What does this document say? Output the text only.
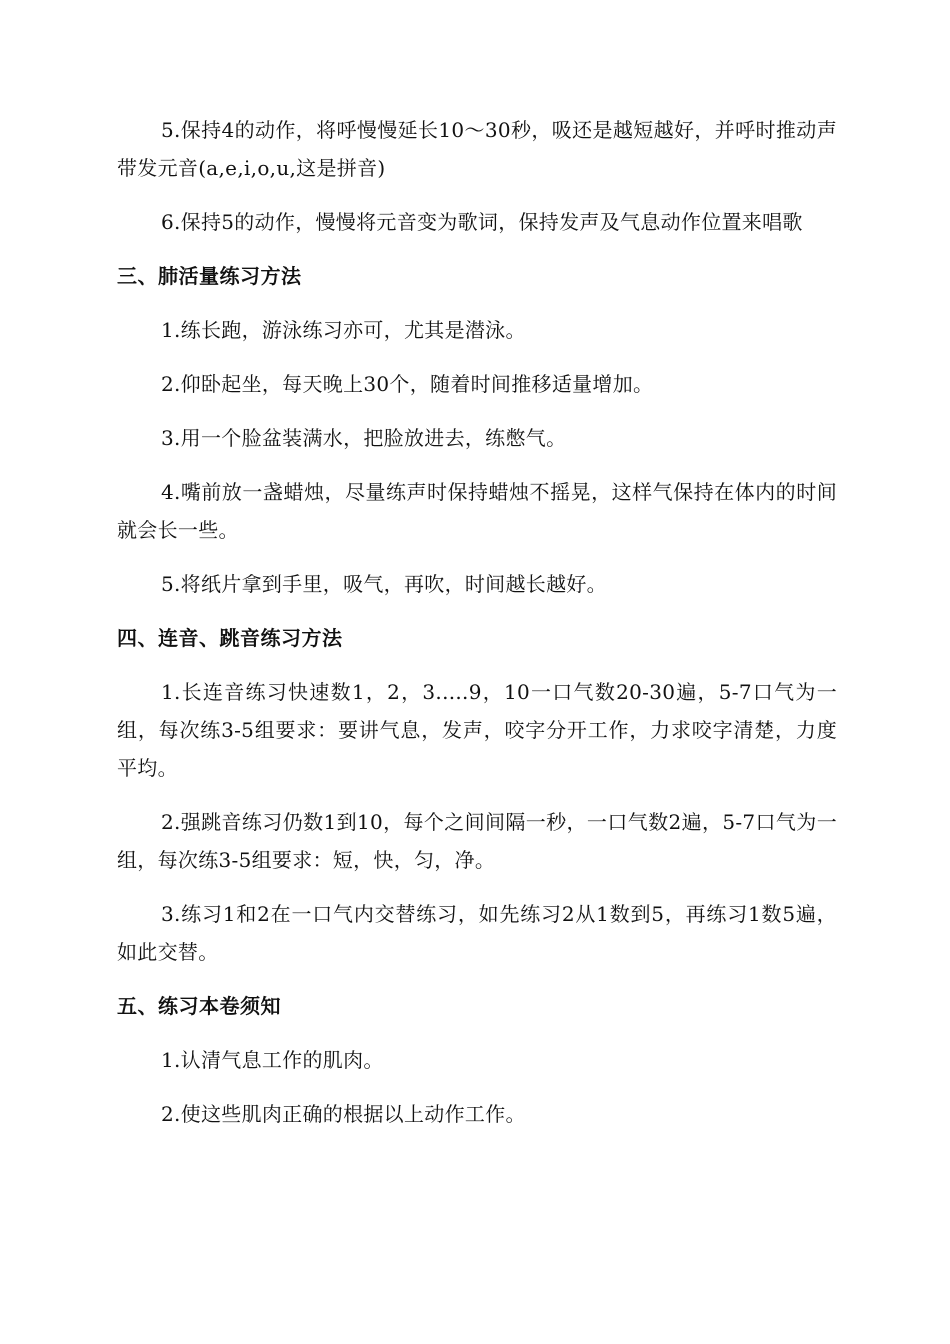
5.保持4的动作，将呼慢慢延长10～30秒，吸还是越短越好，并呼时推动声带发元音(a,e,i,o,u,这是拼音)

6.保持5的动作，慢慢将元音变为歌词，保持发声及气息动作位置来唱歌

三、肺活量练习方法

1.练长跑，游泳练习亦可，尤其是潜泳。

2.仰卧起坐，每天晚上30个，随着时间推移适量增加。

3.用一个脸盆装满水，把脸放进去，练憋气。

4.嘴前放一盏蜡烛，尽量练声时保持蜡烛不摇晃，这样气保持在体内的时间就会长一些。

5.将纸片拿到手里，吸气，再吹，时间越长越好。

四、连音、跳音练习方法

1.长连音练习快速数1，2，3.....9，10一口气数20-30遍，5-7口气为一组，每次练3-5组要求：要讲气息，发声，咬字分开工作，力求咬字清楚，力度平均。

2.强跳音练习仍数1到10，每个之间间隔一秒，一口气数2遍，5-7口气为一组，每次练3-5组要求：短，快，匀，净。

3.练习1和2在一口气内交替练习，如先练习2从1数到5，再练习1数5遍，如此交替。

五、练习本卷须知

1.认清气息工作的肌肉。

2.使这些肌肉正确的根据以上动作工作。
